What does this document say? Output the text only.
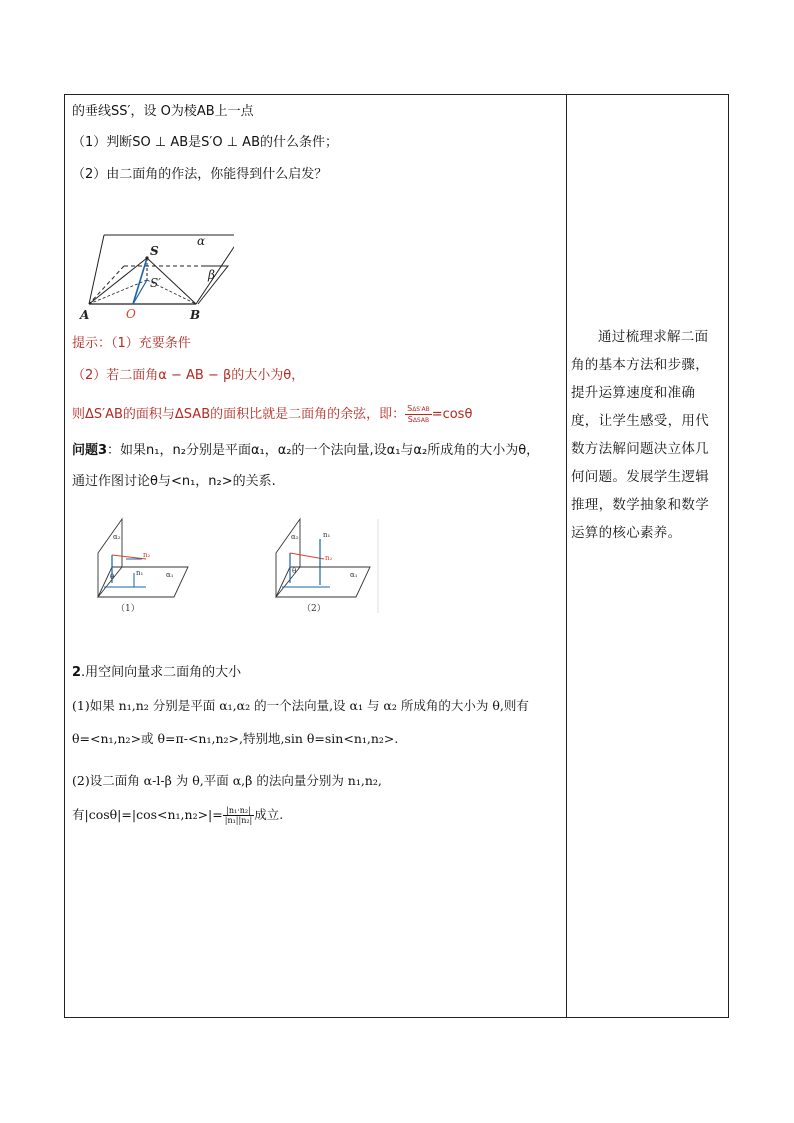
通过梳理求解二面角的基本方法和步骤，提升运算速度和准确度，让学生感受，用代数方法解问题决立体几何问题。发展学生逻辑推理，数学抽象和数学运算的核心素养。

的垂线SS′，设 O为棱AB上一点
（1）判断SO ⊥ AB是S′O ⊥ AB的什么条件；
（2）由二面角的作法，你能得到什么启发？
α
β
S
S′
A	O	B
提示：（1）充要条件
（2）若二面角α − AB − β的大小为θ，
则ΔS′AB的面积与ΔSAB的面积比就是二面角的余弦，即： $\frac{\text{SΔS′AB}}{\text{SΔSAB}} =\cos\theta$
问题3：如果n₁，n₂分别是平面α₁，α₂的一个法向量,设α₁与α₂所成角的大小为θ，
通过作图讨论θ与<n₁，n₂>的关系.
α₂
n₂
n₁	α₁
θ
（1）
α₂	n₁
n₂
α₁
θ
（2）
2.用空间向量求二面角的大小
(1)如果 n₁,n₂ 分别是平面 α₁,α₂ 的一个法向量,设 α₁ 与 α₂ 所成角的大小为 θ,则有
θ=<n₁,n₂>或 θ=π-<n₁,n₂>,特别地,sin θ=sin<n₁,n₂>.
(2)设二面角 α-l-β 为 θ,平面 α,β 的法向量分别为 n₁,n₂,
有$|\cos\theta|=|\cos<n_1,n_2>|= \frac{\text{|n₁·n₂|}}{\text{|n₁||n₂|}}$ 成立.
